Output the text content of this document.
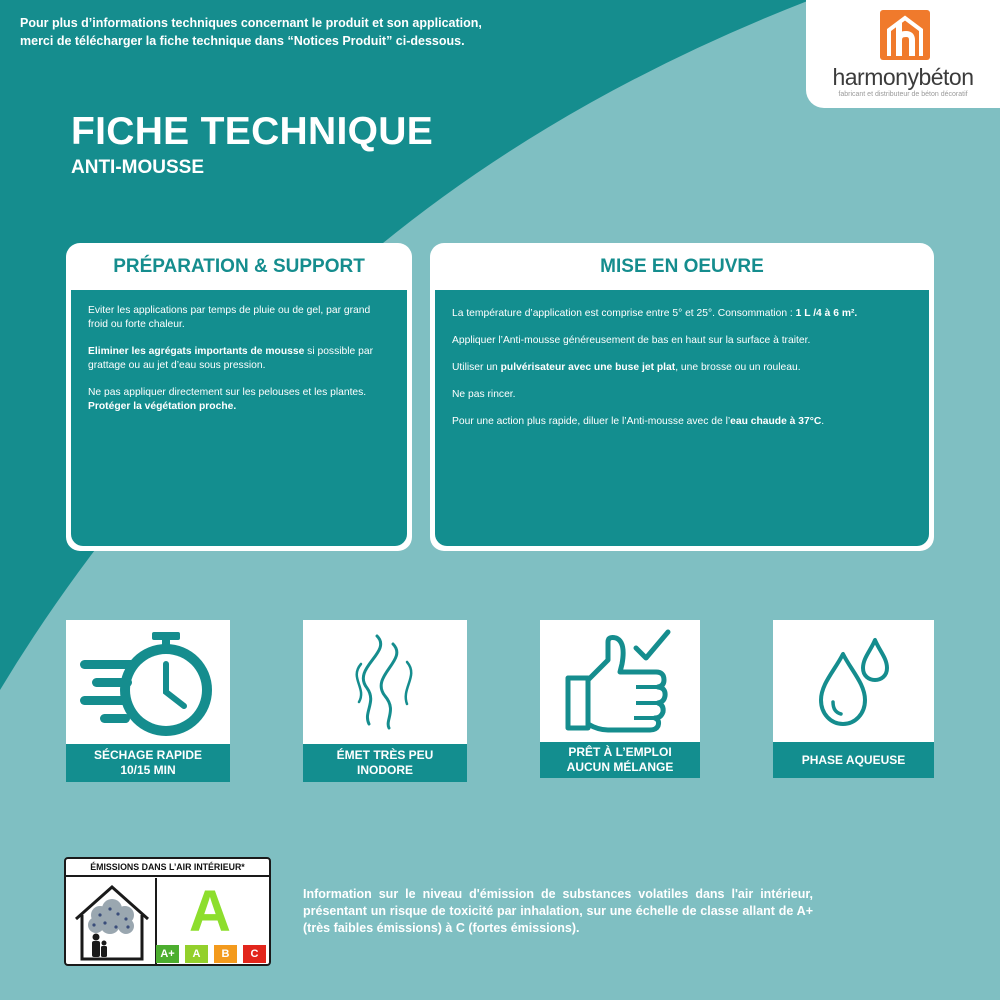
Pour plus d’informations techniques concernant le produit et son application,
merci de télécharger la fiche technique dans “Notices Produit” ci-dessous.
harmonybéton
fabricant et distributeur de béton décoratif
FICHE TECHNIQUE
ANTI-MOUSSE
PRÉPARATION & SUPPORT

Eviter les applications par temps de pluie ou de gel, par grand froid ou forte chaleur.

Eliminer les agrégats importants de mousse si possible par grattage ou au jet d’eau sous pression.

Ne pas appliquer directement sur les pelouses et les plantes. Protéger la végétation proche.

MISE EN OEUVRE

La température d’application est comprise entre 5° et 25°. Consommation : 1 L /4 à 6 m².

Appliquer l’Anti-mousse généreusement de bas en haut sur la surface à traiter.

Utiliser un pulvérisateur avec une buse jet plat, une brosse ou un rouleau.

Ne pas rincer.

Pour une action plus rapide, diluer le l’Anti-mousse avec de l’eau chaude à 37°C.

SÉCHAGE RAPIDE
10/15 MIN
ÉMET TRÈS PEU
INODORE
PRÊT À L’EMPLOI
AUCUN MÉLANGE
PHASE AQUEUSE
ÉMISSIONS DANS L’AIR INTÉRIEUR*
A
A+	A	B	C
Information sur le niveau d'émission de substances volatiles dans l'air intérieur, présentant un risque de toxicité par inhalation, sur une échelle de classe allant de A+ (très faibles émissions) à C (fortes émissions).
